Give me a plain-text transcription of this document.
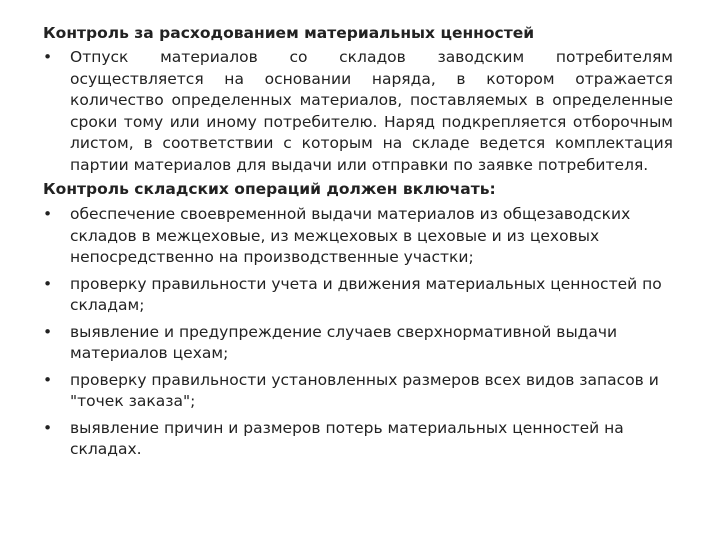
Контроль за расходованием материальных ценностей
•	Отпуск материалов со складов заводским потребителям осуществляется на основании наряда, в котором отражается количество определенных материалов, поставляемых в определенные сроки тому или иному потребителю. Наряд подкрепляется отборочным листом, в соответствии с которым на складе ведется комплектация партии материалов для выдачи или отправки по заявке потребителя.
Контроль складских операций должен включать:
•	обеспечение своевременной выдачи материалов из общезаводских складов в межцеховые, из межцеховых в цеховые и из цеховых непосредственно на производственные участки;
•	проверку правильности учета и движения материальных ценностей по складам;
•	выявление и предупреждение случаев сверхнормативной выдачи материалов цехам;
•	проверку правильности установленных размеров всех видов запасов и "точек заказа";
•	выявление причин и размеров потерь материальных ценностей на складах.
